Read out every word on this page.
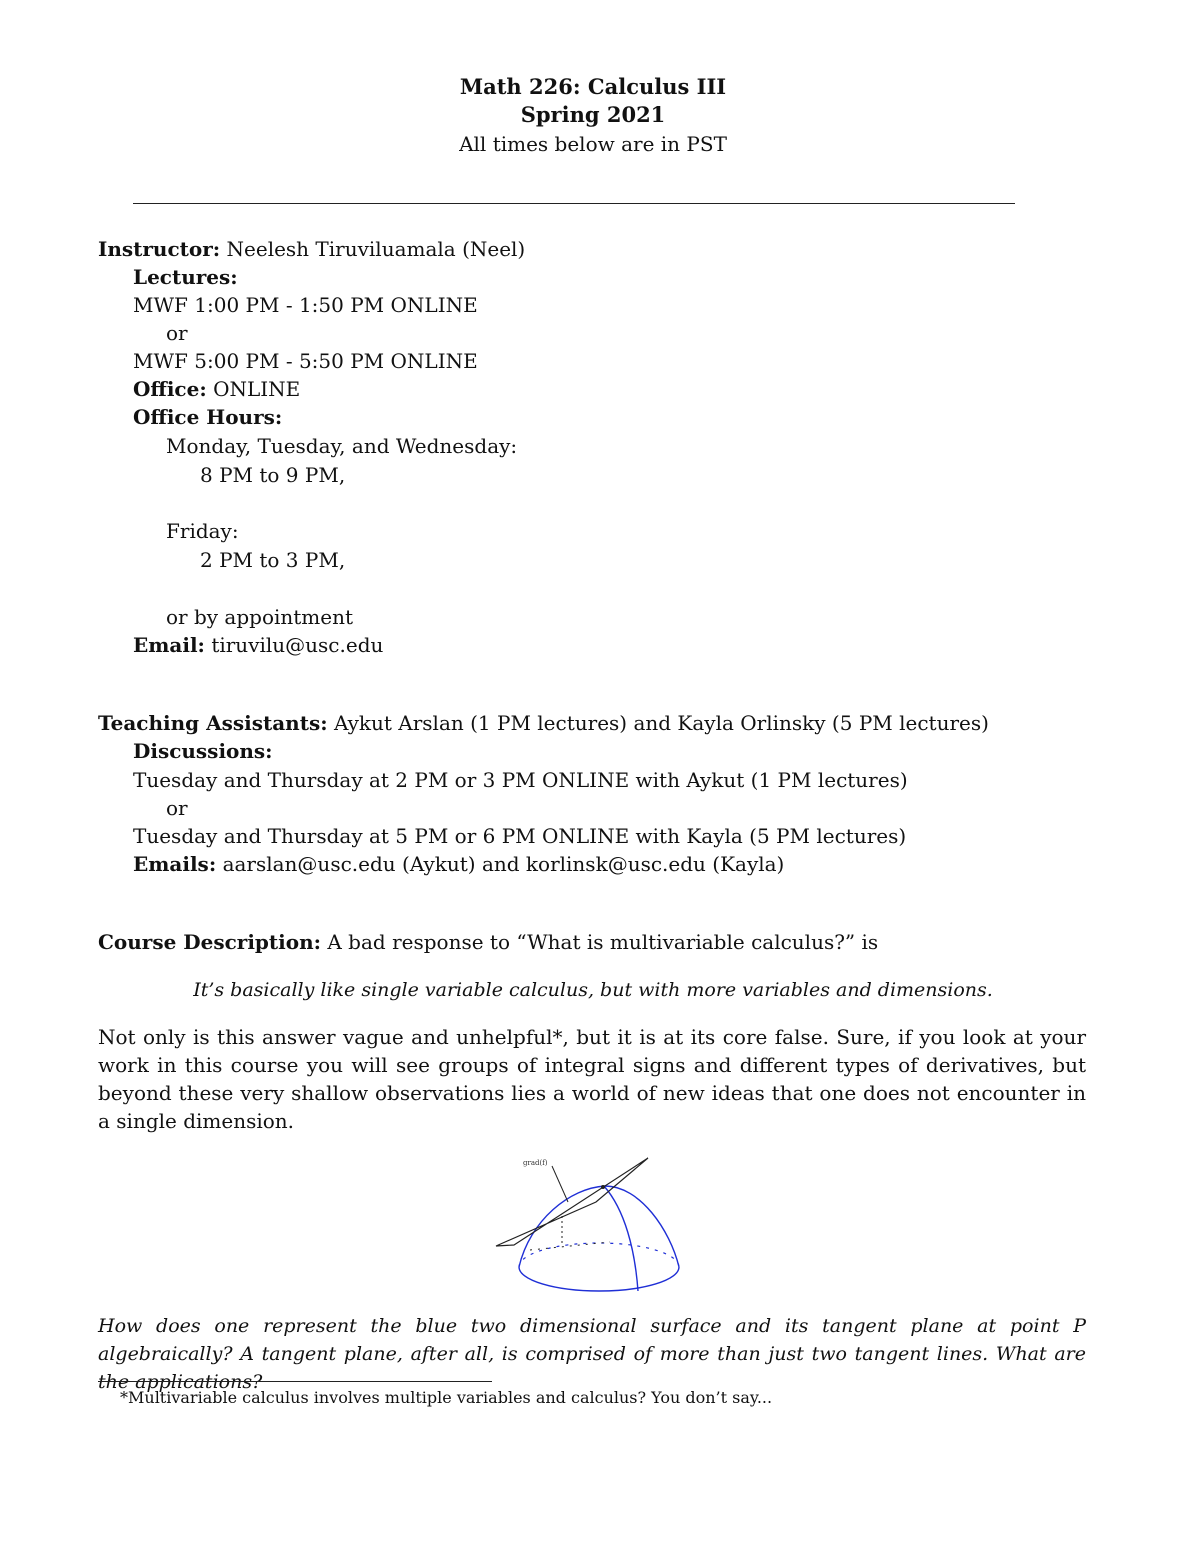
Math 226: Calculus III
Spring 2021
All times below are in PST
Instructor: Neelesh Tiruviluamala (Neel)
Lectures:
MWF 1:00 PM - 1:50 PM ONLINE
or
MWF 5:00 PM - 5:50 PM ONLINE
Office: ONLINE
Office Hours:
Monday, Tuesday, and Wednesday:
8 PM to 9 PM,
Friday:
2 PM to 3 PM,
or by appointment
Email: tiruvilu@usc.edu
Teaching Assistants: Aykut Arslan (1 PM lectures) and Kayla Orlinsky (5 PM lectures)
Discussions:
Tuesday and Thursday at 2 PM or 3 PM ONLINE with Aykut (1 PM lectures)
or
Tuesday and Thursday at 5 PM or 6 PM ONLINE with Kayla (5 PM lectures)
Emails: aarslan@usc.edu (Aykut) and korlinsk@usc.edu (Kayla)
Course Description: A bad response to “What is multivariable calculus?” is
It’s basically like single variable calculus, but with more variables and dimensions.
Not only is this answer vague and unhelpful*, but it is at its core false. Sure, if you look at your work in this course you will see groups of integral signs and different types of derivatives, but beyond these very shallow observations lies a world of new ideas that one does not encounter in a single dimension.
grad(f)
How does one represent the blue two dimensional surface and its tangent plane at point P algebraically? A tangent plane, after all, is comprised of more than just two tangent lines. What are the applications?
*Multivariable calculus involves multiple variables and calculus? You don’t say...
